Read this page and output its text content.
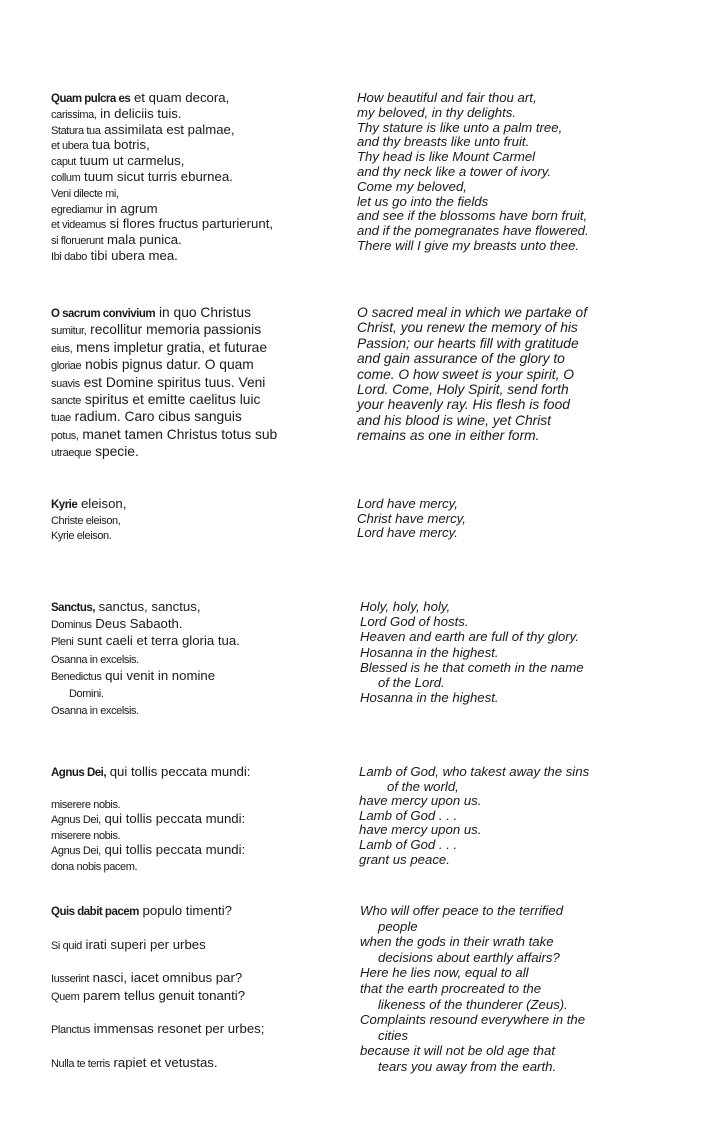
Quam pulcra es et quam decora,
carissima, in deliciis tuis.
Statura tua assimilata est palmae,
et ubera tua botris,
caput tuum ut carmelus,
collum tuum sicut turris eburnea.
Veni dilecte mi,
egrediamur in agrum
et videamus si flores fructus parturierunt,
si floruerunt mala punica.
Ibi dabo tibi ubera mea.
How beautiful and fair thou art,
my beloved, in thy delights.
Thy stature is like unto a palm tree,
and thy breasts like unto fruit.
Thy head is like Mount Carmel
and thy neck like a tower of ivory.
Come my beloved,
let us go into the fields
and see if the blossoms have born fruit,
and if the pomegranates have flowered.
There will I give my breasts unto thee.
O sacrum convivium in quo Christus
sumitur, recollitur memoria passionis
eius, mens impletur gratia, et futurae
gloriae nobis pignus datur. O quam
suavis est Domine spiritus tuus. Veni
sancte spiritus et emitte caelitus luic
tuae radium. Caro cibus sanguis
potus, manet tamen Christus totus sub
utraeque specie.
O sacred meal in which we partake of
Christ, you renew the memory of his
Passion; our hearts fill with gratitude
and gain assurance of the glory to
come. O how sweet is your spirit, O
Lord. Come, Holy Spirit, send forth
your heavenly ray. His flesh is food
and his blood is wine, yet Christ
remains as one in either form.
Kyrie eleison,
Christe eleison,
Kyrie eleison.
Lord have mercy,
Christ have mercy,
Lord have mercy.
Sanctus, sanctus, sanctus,
Dominus Deus Sabaoth.
Pleni sunt caeli et terra gloria tua.
Osanna in excelsis.
Benedictus qui venit in nomine
Domini.
Osanna in excelsis.
Holy, holy, holy,
Lord God of hosts.
Heaven and earth are full of thy glory.
Hosanna in the highest.
Blessed is he that cometh in the name
of the Lord.
Hosanna in the highest.
Agnus Dei, qui tollis peccata mundi:
miserere nobis.
Agnus Dei, qui tollis peccata mundi:
miserere nobis.
Agnus Dei, qui tollis peccata mundi:
dona nobis pacem.
Lamb of God, who takest away the sins
of the world,
have mercy upon us.
Lamb of God . . .
have mercy upon us.
Lamb of God . . .
grant us peace.
Quis dabit pacem populo timenti?
Si quid irati superi per urbes
Iusserint nasci, iacet omnibus par?
Quem parem tellus genuit tonanti?
Planctus immensas resonet per urbes;
Nulla te terris rapiet et vetustas.
Who will offer peace to the terrified
people
when the gods in their wrath take
decisions about earthly affairs?
Here he lies now, equal to all
that the earth procreated to the
likeness of the thunderer (Zeus).
Complaints resound everywhere in the
cities
because it will not be old age that
tears you away from the earth.
